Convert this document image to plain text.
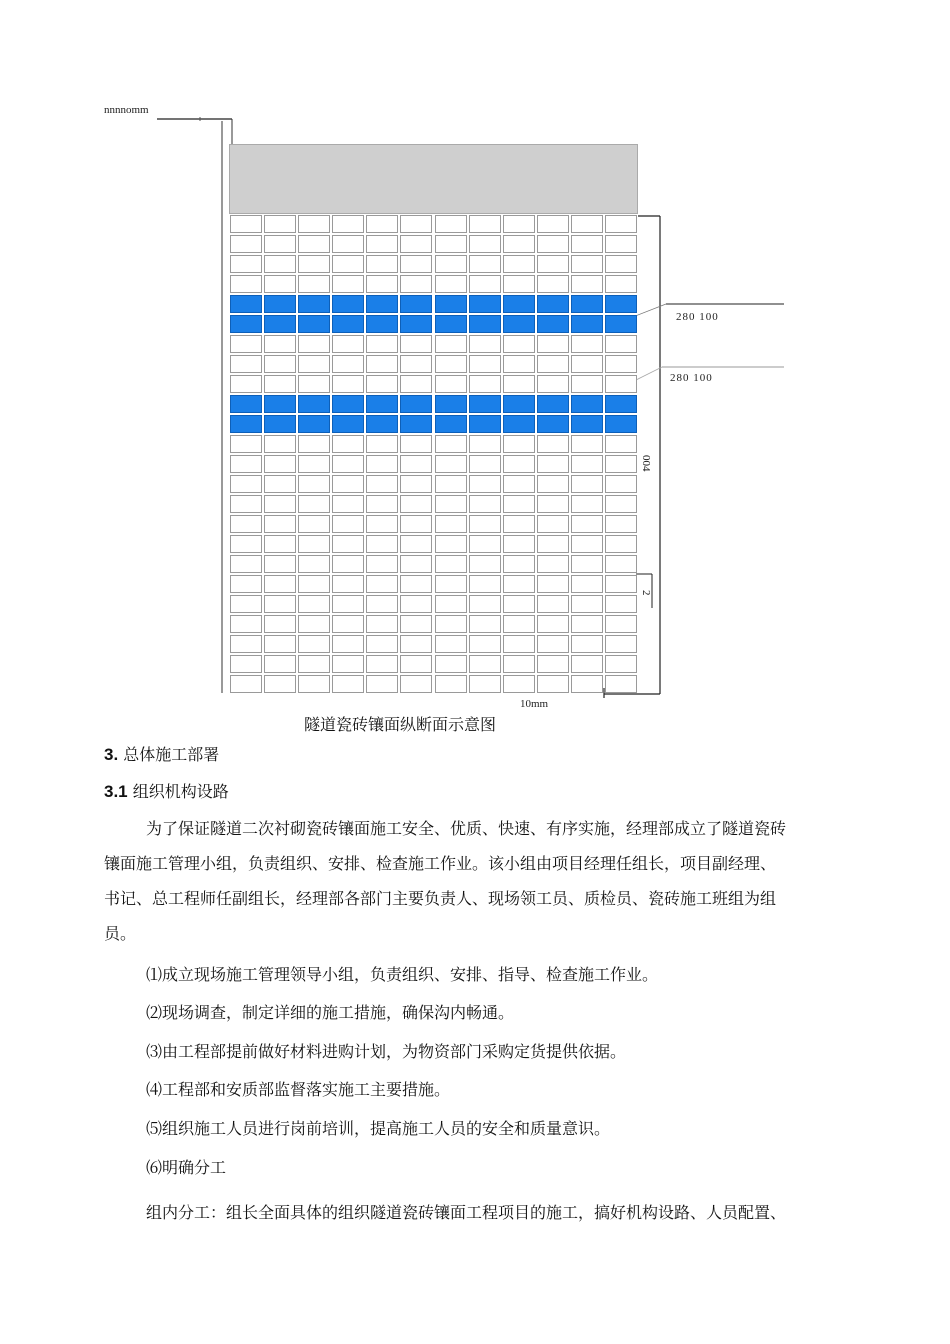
nnnnomm
280 100
280 100
004
2
10mm
隧道瓷砖镶面纵断面示意图
3. 总体施工部署
3.1 组织机构设路
为了保证隧道二次衬砌瓷砖镶面施工安全、优质、快速、有序实施，经理部成立了隧道瓷砖
镶面施工管理小组，负责组织、安排、检查施工作业。该小组由项目经理任组长，项目副经理、
书记、总工程师任副组长，经理部各部门主要负责人、现场领工员、质检员、瓷砖施工班组为组
员。
⑴成立现场施工管理领导小组，负责组织、安排、指导、检查施工作业。
⑵现场调查，制定详细的施工措施，确保沟内畅通。
⑶由工程部提前做好材料进购计划，为物资部门采购定货提供依据。
⑷工程部和安质部监督落实施工主要措施。
⑸组织施工人员进行岗前培训，提高施工人员的安全和质量意识。
⑹明确分工
组内分工：组长全面具体的组织隧道瓷砖镶面工程项目的施工，搞好机构设路、人员配置、
